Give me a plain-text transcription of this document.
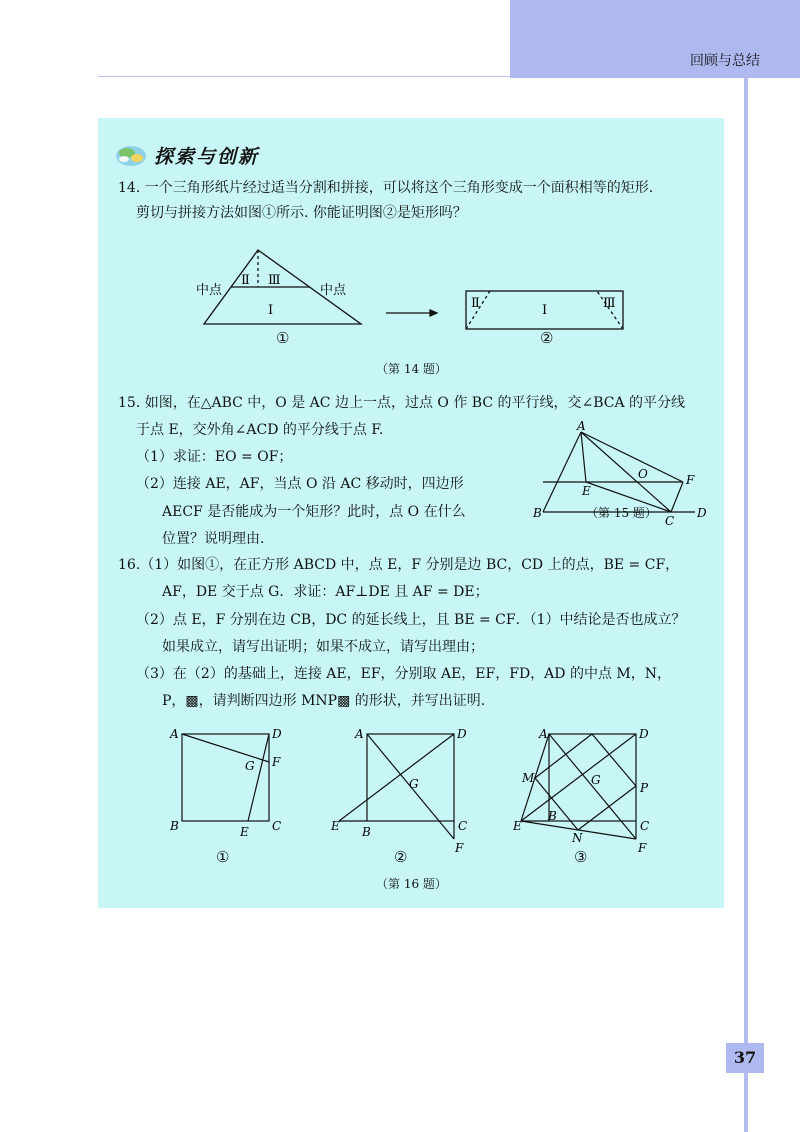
回顾与总结
37
探索与创新
14. 一个三角形纸片经过适当分割和拼接，可以将这个三角形变成一个面积相等的矩形.
剪切与拼接方法如图①所示. 你能证明图②是矩形吗？
中点	中点
Ⅱ Ⅲ
Ⅰ	Ⅱ	Ⅰ	Ⅲ
①	②
（第 14 题）
15. 如图，在△ABC 中，O 是 AC 边上一点，过点 O 作 BC 的平行线，交∠BCA 的平分线
于点 E，交外角∠ACD 的平分线于点 F.
（1）求证：EO = OF；
（2）连接 AE，AF，当点 O 沿 AC 移动时，四边形
AECF 是否能成为一个矩形？此时，点 O 在什么
位置？说明理由.
A
O	F
E
B
C
D
（第 15 题）
16.（1）如图①，在正方形 ABCD 中，点 E，F 分别是边 BC，CD 上的点，BE = CF，
AF，DE 交于点 G．求证：AF⊥DE 且 AF = DE；
（2）点 E，F 分别在边 CB，DC 的延长线上，且 BE = CF．（1）中结论是否也成立？
如果成立，请写出证明；如果不成立，请写出理由；
（3）在（2）的基础上，连接 AE，EF，分别取 AE，EF，FD，AD 的中点 M，N，
P，▩，请判断四边形 MNP▩ 的形状，并写出证明.
A	D
G F
B	E C
A	D
G
E B	C
F
A	D
M	G
P
E
B
C
N
F
①	②	③
（第 16 题）
